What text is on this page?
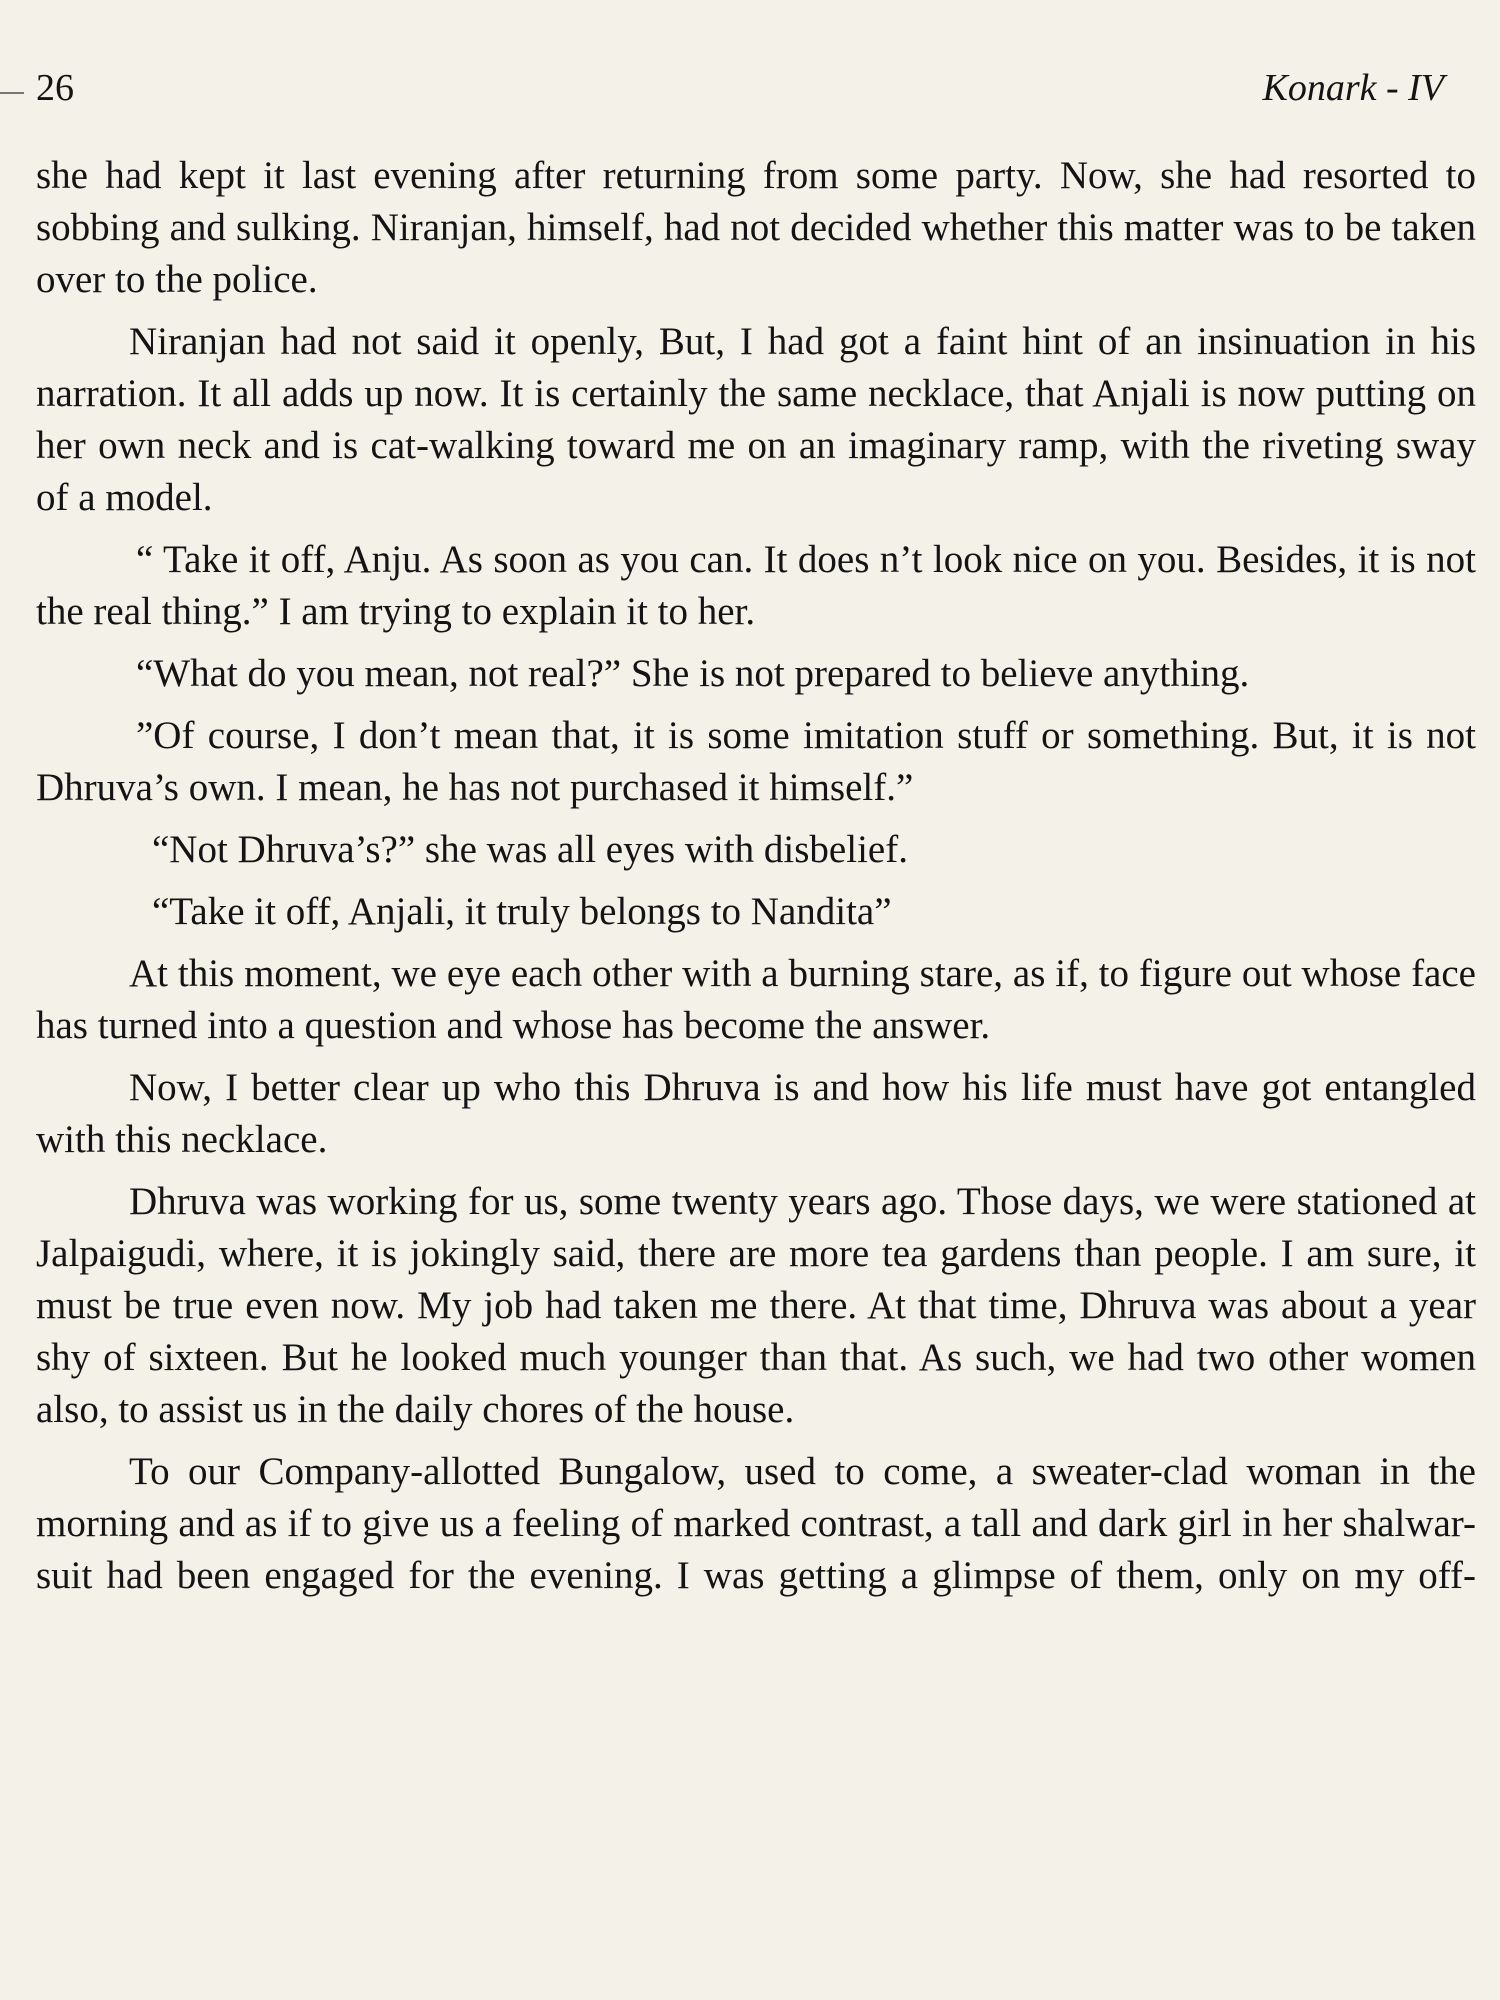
26	Konark - IV

she had kept it last evening after returning from some party. Now, she had resorted to sobbing and sulking. Niranjan, himself, had not decided whether this matter was to be taken over to the police.

Niranjan had not said it openly, But, I had got a faint hint of an insinuation in his narration. It all adds up now. It is certainly the same necklace, that Anjali is now putting on her own neck and is cat-walking toward me on an imaginary ramp, with the riveting sway of a model.

“ Take it off, Anju. As soon as you can. It does n’t look nice on you. Besides, it is not the real thing.” I am trying to explain it to her.

“What do you mean, not real?” She is not prepared to believe anything.

”Of course, I don’t mean that, it is some imitation stuff or something. But, it is not Dhruva’s own. I mean, he has not purchased it himself.”

“Not Dhruva’s?” she was all eyes with disbelief.

“Take it off, Anjali, it truly belongs to Nandita”

At this moment, we eye each other with a burning stare, as if, to figure out whose face has turned into a question and whose has become the answer.

Now, I better clear up who this Dhruva is and how his life must have got entangled with this necklace.

Dhruva was working for us, some twenty years ago. Those days, we were stationed at Jalpaigudi, where, it is jokingly said, there are more tea gardens than people. I am sure, it must be true even now. My job had taken me there. At that time, Dhruva was about a year shy of sixteen. But he looked much younger than that. As such, we had two other women also, to assist us in the daily chores of the house.

To our Company-allotted Bungalow, used to come, a sweater-clad woman in the morning and as if to give us a feeling of marked contrast, a tall and dark girl in her shalwar-suit had been engaged for the evening. I was getting a glimpse of them, only on my off-
